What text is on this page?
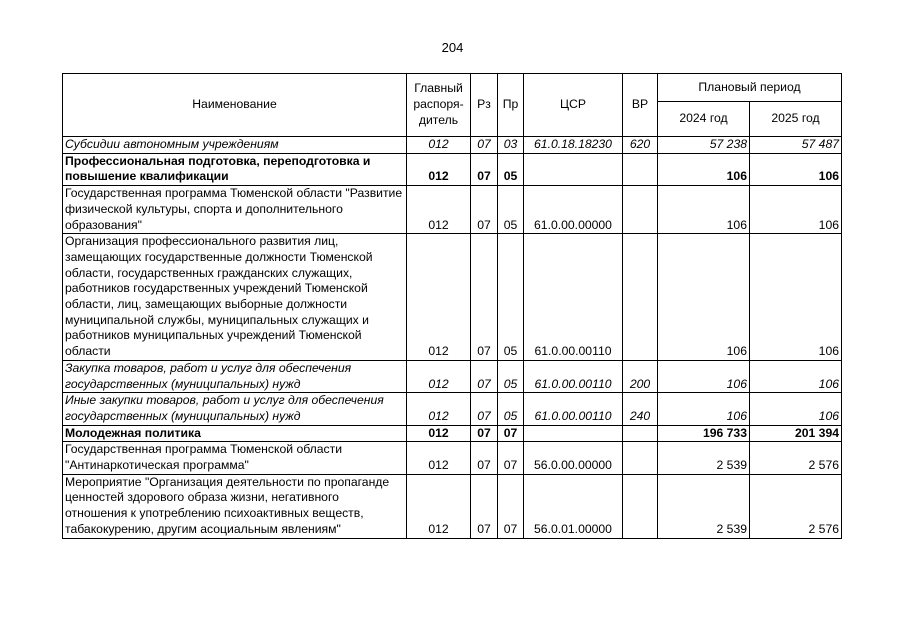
204
Наименование	Главный
распоря-
дитель	Рз	Пр	ЦСР	ВР	Плановый период	
						2024 год	2025 год
Субсидии автономным учреждениям	012	07	03	61.0.18.18230	620	57 238	57 487
Профессиональная подготовка, переподготовка и повышение квалификации	012	07	05			106	106
Государственная программа Тюменской области "Развитие физической культуры, спорта и дополнительного образования"	012	07	05	61.0.00.00000		106	106
Организация профессионального развития лиц, замещающих государственные должности Тюменской области, государственных гражданских служащих, работников государственных учреждений Тюменской области, лиц, замещающих выборные должности муниципальной службы, муниципальных служащих и работников муниципальных учреждений Тюменской области	012	07	05	61.0.00.00110		106	106
Закупка товаров, работ и услуг для обеспечения государственных (муниципальных) нужд	012	07	05	61.0.00.00110	200	106	106
Иные закупки товаров, работ и услуг для обеспечения государственных (муниципальных) нужд	012	07	05	61.0.00.00110	240	106	106
Молодежная политика	012	07	07			196 733	201 394
Государственная программа Тюменской области "Антинаркотическая программа"	012	07	07	56.0.00.00000		2 539	2 576
Мероприятие "Организация деятельности по пропаганде ценностей здорового образа жизни, негативного отношения к употреблению психоактивных веществ, табакокурению, другим асоциальным явлениям"	012	07	07	56.0.01.00000		2 539	2 576
